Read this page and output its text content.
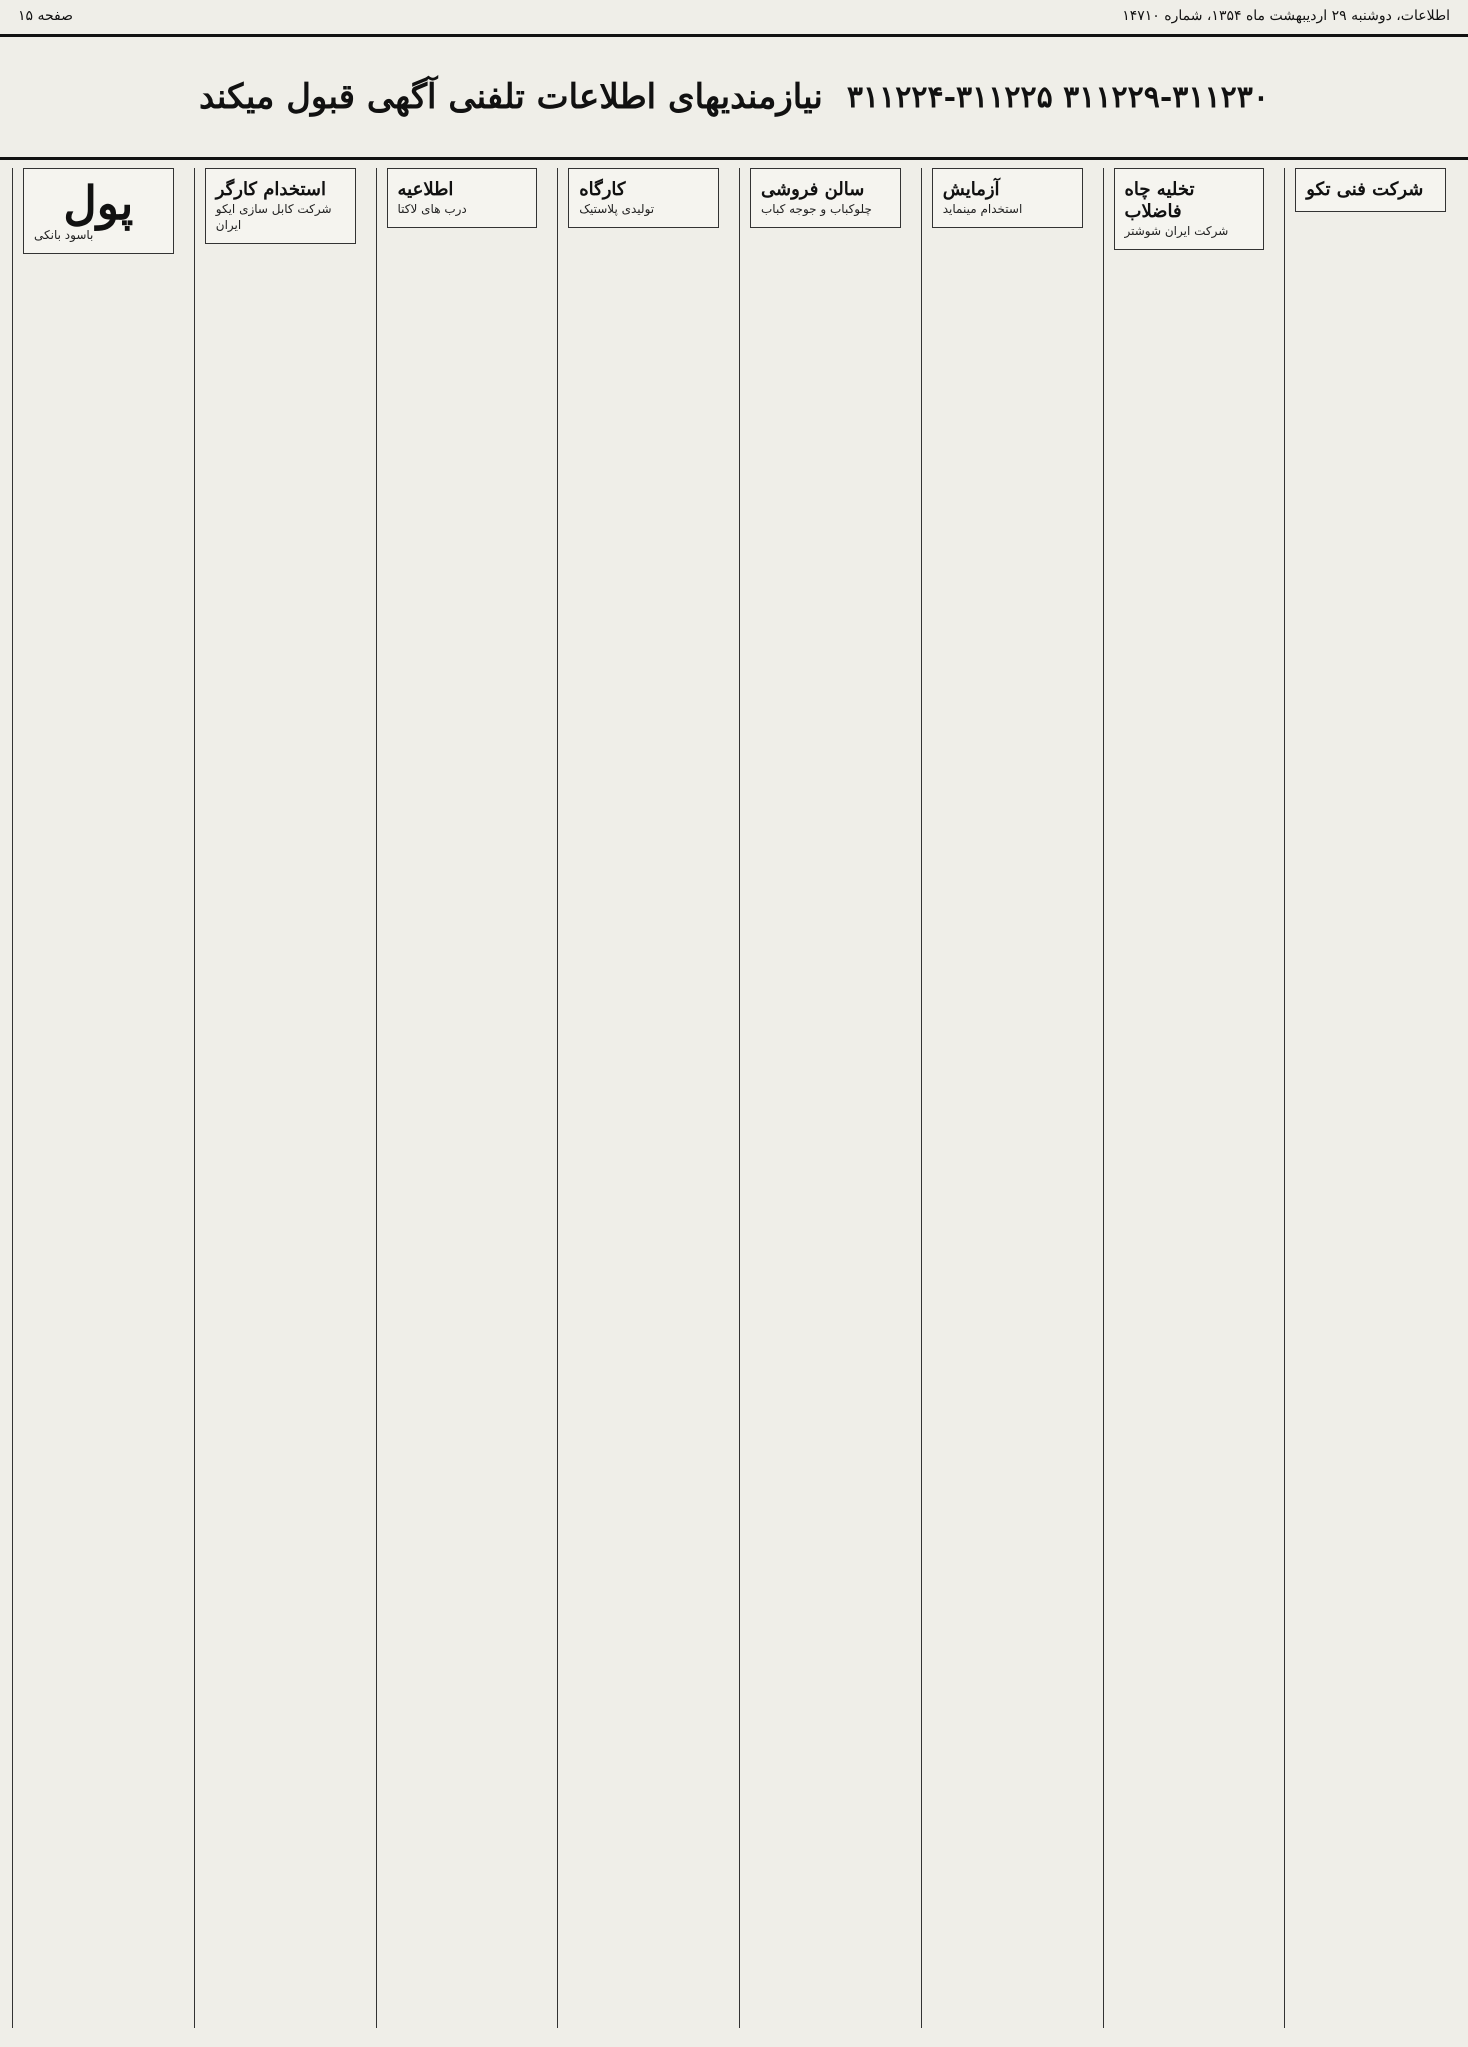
صفحه ۱۵	اطلاعات، دوشنبه ۲۹ اردیبهشت ماه ۱۳۵۴، شماره ۱۴۷۱۰
نیازمندیهای اطلاعات تلفنی آگهی قبول میکند ۳۱۱۲۲۴-۳۱۱۲۲۵ ۳۱۱۲۲۹-۳۱۱۲۳۰
پول
باسود بانکی
استخدام کارگر
شرکت کابل سازی ایکو ایران
اطلاعیه
درب های لاکتا
کارگاه
تولیدی پلاستیک
سالن فروشی
چلوکباب و جوجه کباب
آزمایش
استخدام مینماید
تخلیه چاه فاضلاب
شرکت ایران شوشتر
شرکت فنی تکو
